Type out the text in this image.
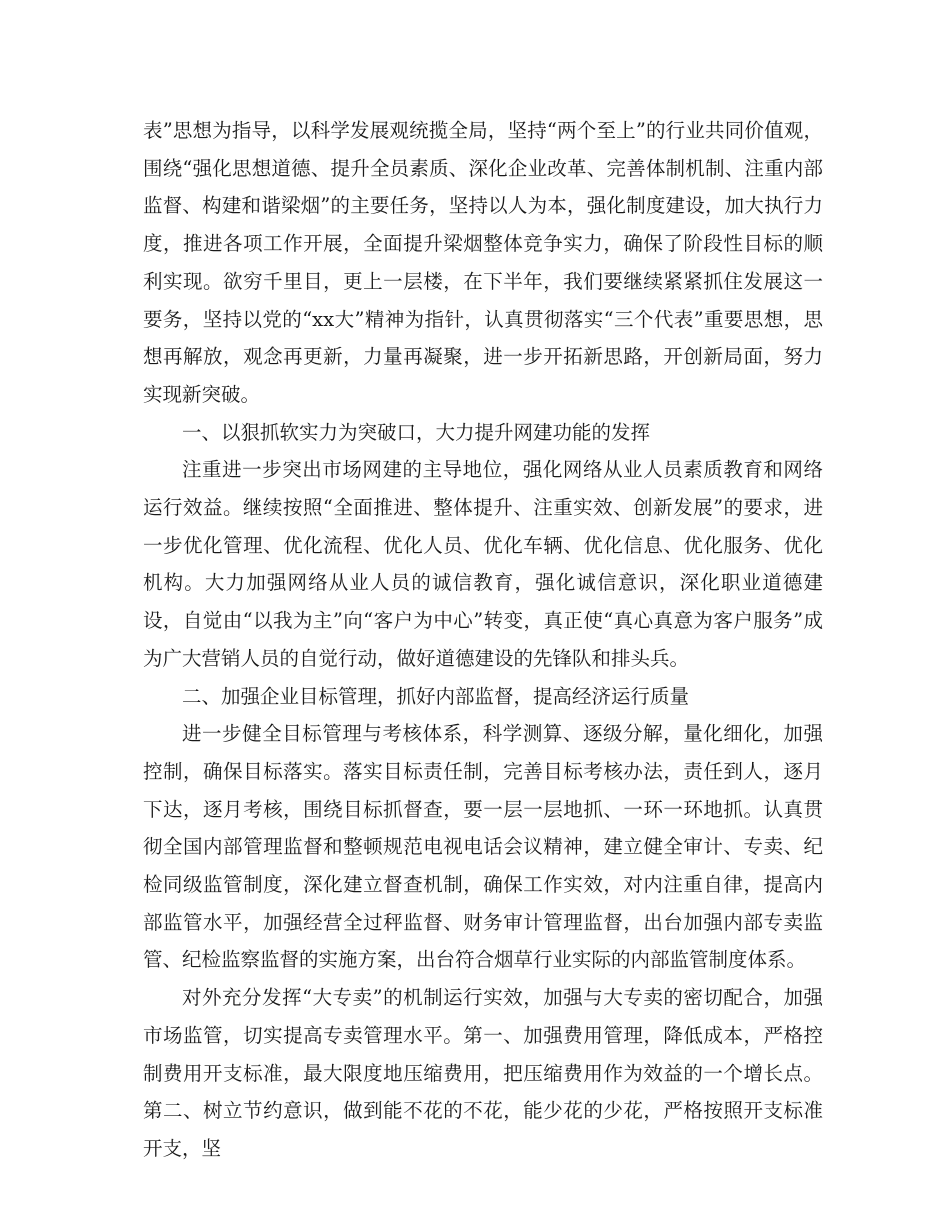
表”思想为指导，以科学发展观统揽全局，坚持“两个至上”的行业共同价值观，围绕“强化思想道德、提升全员素质、深化企业改革、完善体制机制、注重内部监督、构建和谐梁烟”的主要任务，坚持以人为本，强化制度建设，加大执行力度，推进各项工作开展，全面提升梁烟整体竞争实力，确保了阶段性目标的顺利实现。欲穷千里目，更上一层楼，在下半年，我们要继续紧紧抓住发展这一要务，坚持以党的“xx大”精神为指针，认真贯彻落实“三个代表”重要思想，思想再解放，观念再更新，力量再凝聚，进一步开拓新思路，开创新局面，努力实现新突破。

一、以狠抓软实力为突破口，大力提升网建功能的发挥

注重进一步突出市场网建的主导地位，强化网络从业人员素质教育和网络运行效益。继续按照“全面推进、整体提升、注重实效、创新发展”的要求，进一步优化管理、优化流程、优化人员、优化车辆、优化信息、优化服务、优化机构。大力加强网络从业人员的诚信教育，强化诚信意识，深化职业道德建设，自觉由“以我为主”向“客户为中心”转变，真正使“真心真意为客户服务”成为广大营销人员的自觉行动，做好道德建设的先锋队和排头兵。

二、加强企业目标管理，抓好内部监督，提高经济运行质量

进一步健全目标管理与考核体系，科学测算、逐级分解，量化细化，加强控制，确保目标落实。落实目标责任制，完善目标考核办法，责任到人，逐月下达，逐月考核，围绕目标抓督查，要一层一层地抓、一环一环地抓。认真贯彻全国内部管理监督和整顿规范电视电话会议精神，建立健全审计、专卖、纪检同级监管制度，深化建立督查机制，确保工作实效，对内注重自律，提高内部监管水平，加强经营全过秤监督、财务审计管理监督，出台加强内部专卖监管、纪检监察监督的实施方案，出台符合烟草行业实际的内部监管制度体系。

对外充分发挥“大专卖”的机制运行实效，加强与大专卖的密切配合，加强市场监管，切实提高专卖管理水平。第一、加强费用管理，降低成本，严格控制费用开支标准，最大限度地压缩费用，把压缩费用作为效益的一个增长点。第二、树立节约意识，做到能不花的不花，能少花的少花，严格按照开支标准开支，坚
